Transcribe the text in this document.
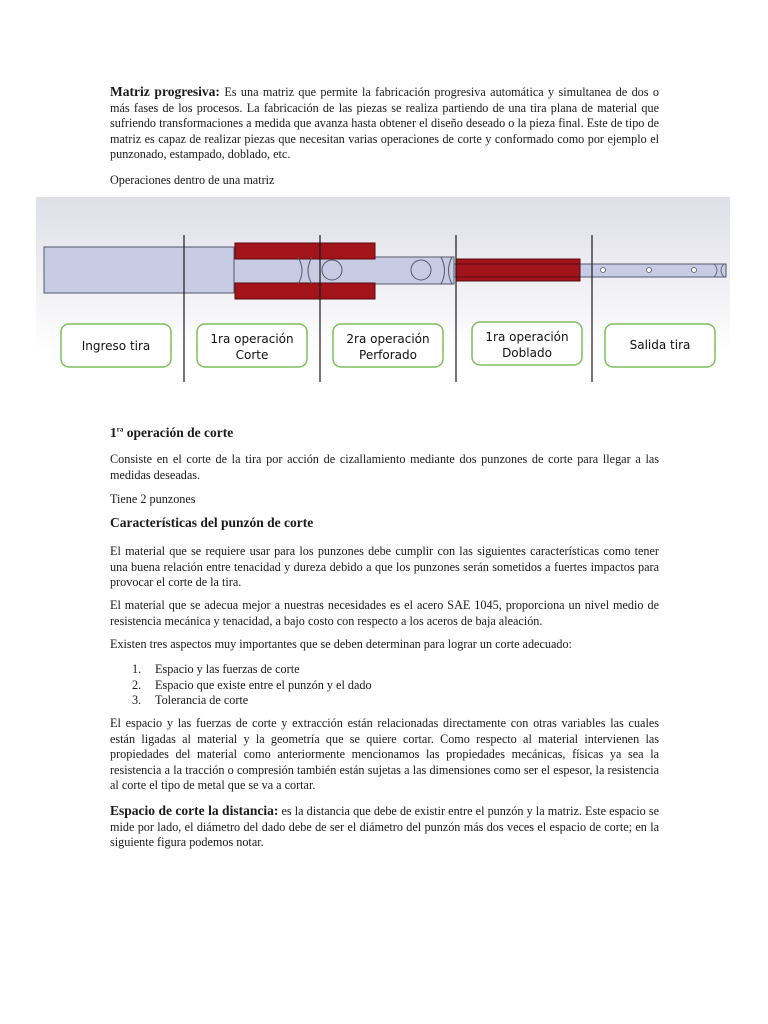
Matriz progresiva: Es una matriz que permite la fabricación progresiva automática y simultanea de dos o más fases de los procesos. La fabricación de las piezas se realiza partiendo de una tira plana de material que sufriendo transformaciones a medida que avanza hasta obtener el diseño deseado o la pieza final. Este de tipo de matriz es capaz de realizar piezas que necesitan varias operaciones de corte y conformado como por ejemplo el punzonado, estampado, doblado, etc.

Operaciones dentro de una matriz

Ingreso tira	1ra operación
Corte
2ra operación
Perforado
1ra operación
Doblado
Salida tira
$1^{ra}$ operación de corte

Consiste en el corte de la tira por acción de cizallamiento mediante dos punzones de corte para llegar a las medidas deseadas.

Tiene 2 punzones

Características del punzón de corte

El material que se requiere usar para los punzones debe cumplir con las siguientes características como tener una buena relación entre tenacidad y dureza debido a que los punzones serán sometidos a fuertes impactos para provocar el corte de la tira.

El material que se adecua mejor a nuestras necesidades es el acero SAE 1045, proporciona un nivel medio de resistencia mecánica y tenacidad, a bajo costo con respecto a los aceros de baja aleación.

Existen tres aspectos muy importantes que se deben determinan para lograr un corte adecuado:

1. Espacio y las fuerzas de corte
2. Espacio que existe entre el punzón y el dado
3. Tolerancia de corte

El espacio y las fuerzas de corte y extracción están relacionadas directamente con otras variables las cuales están ligadas al material y la geometría que se quiere cortar. Como respecto al material intervienen las propiedades del material como anteriormente mencionamos las propiedades mecánicas, físicas ya sea la resistencia a la tracción o compresión también están sujetas a las dimensiones como ser el espesor, la resistencia al corte el tipo de metal que se va a cortar.

Espacio de corte la distancia: es la distancia que debe de existir entre el punzón y la matriz. Este espacio se mide por lado, el diámetro del dado debe de ser el diámetro del punzón más dos veces el espacio de corte; en la siguiente figura podemos notar.
